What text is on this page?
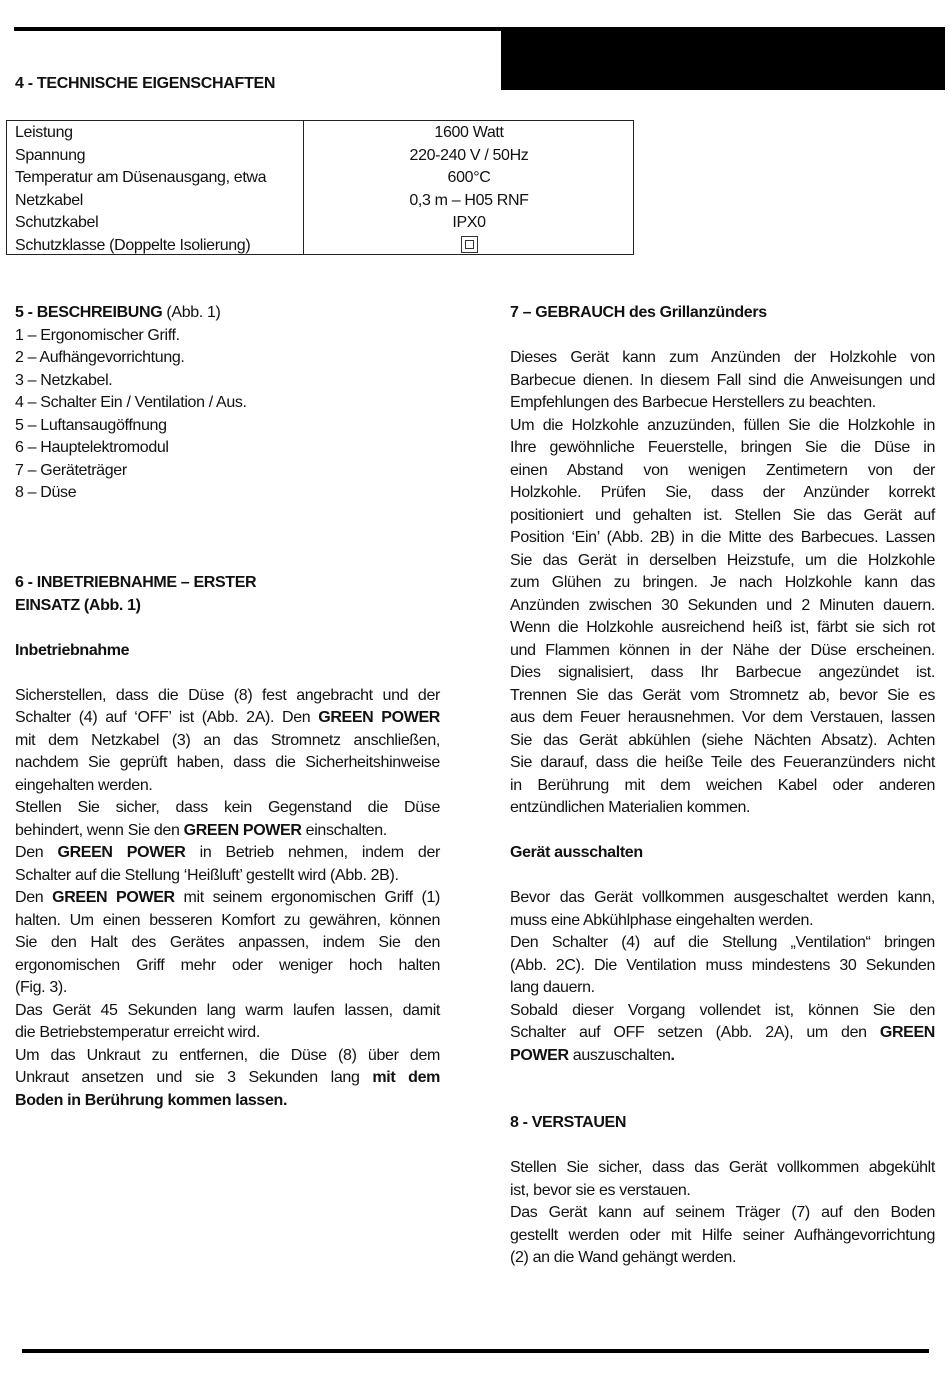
4 - TECHNISCHE EIGENSCHAFTEN
Leistung
Spannung
Temperatur am Düsenausgang, etwa
Netzkabel
Schutzkabel
Schutzklasse (Doppelte Isolierung)
1600 Watt
220-240 V / 50Hz
600°C
0,3 m – H05 RNF
IPX0
5 - BESCHREIBUNG (Abb. 1)
1 – Ergonomischer Griff.
2 – Aufhängevorrichtung.
3 – Netzkabel.
4 – Schalter Ein / Ventilation / Aus.
5 – Luftansaugöffnung
6 – Hauptelektromodul
7 – Geräteträger
8 – Düse
6 - INBETRIEBNAHME – ERSTER
EINSATZ (Abb. 1)
Inbetriebnahme
Sicherstellen, dass die Düse (8) fest angebracht und der
Schalter (4) auf ‘OFF’ ist (Abb. 2A). Den GREEN POWER
mit dem Netzkabel (3) an das Stromnetz anschließen,
nachdem Sie geprüft haben, dass die Sicherheitshinweise
eingehalten werden.
Stellen Sie sicher, dass kein Gegenstand die Düse
behindert, wenn Sie den GREEN POWER einschalten.
Den GREEN POWER in Betrieb nehmen, indem der
Schalter auf die Stellung ‘Heißluft’ gestellt wird (Abb. 2B).
Den GREEN POWER mit seinem ergonomischen Griff (1)
halten. Um einen besseren Komfort zu gewähren, können
Sie den Halt des Gerätes anpassen, indem Sie den
ergonomischen Griff mehr oder weniger hoch halten
(Fig. 3).
Das Gerät 45 Sekunden lang warm laufen lassen, damit
die Betriebstemperatur erreicht wird.
Um das Unkraut zu entfernen, die Düse (8) über dem
Unkraut ansetzen und sie 3 Sekunden lang mit dem
Boden in Berührung kommen lassen.
7 – GEBRAUCH des Grillanzünders
Dieses Gerät kann zum Anzünden der Holzkohle von
Barbecue dienen. In diesem Fall sind die Anweisungen und
Empfehlungen des Barbecue Herstellers zu beachten.
Um die Holzkohle anzuzünden, füllen Sie die Holzkohle in
Ihre gewöhnliche Feuerstelle, bringen Sie die Düse in
einen Abstand von wenigen Zentimetern von der
Holzkohle. Prüfen Sie, dass der Anzünder korrekt
positioniert und gehalten ist. Stellen Sie das Gerät auf
Position ‘Ein’ (Abb. 2B) in die Mitte des Barbecues. Lassen
Sie das Gerät in derselben Heizstufe, um die Holzkohle
zum Glühen zu bringen. Je nach Holzkohle kann das
Anzünden zwischen 30 Sekunden und 2 Minuten dauern.
Wenn die Holzkohle ausreichend heiß ist, färbt sie sich rot
und Flammen können in der Nähe der Düse erscheinen.
Dies signalisiert, dass Ihr Barbecue angezündet ist.
Trennen Sie das Gerät vom Stromnetz ab, bevor Sie es
aus dem Feuer herausnehmen. Vor dem Verstauen, lassen
Sie das Gerät abkühlen (siehe Nächten Absatz). Achten
Sie darauf, dass die heiße Teile des Feueranzünders nicht
in Berührung mit dem weichen Kabel oder anderen
entzündlichen Materialien kommen.
Gerät ausschalten
Bevor das Gerät vollkommen ausgeschaltet werden kann,
muss eine Abkühlphase eingehalten werden.
Den Schalter (4) auf die Stellung „Ventilation“ bringen
(Abb. 2C). Die Ventilation muss mindestens 30 Sekunden
lang dauern.
Sobald dieser Vorgang vollendet ist, können Sie den
Schalter auf OFF setzen (Abb. 2A), um den GREEN
POWER auszuschalten.
8 - VERSTAUEN
Stellen Sie sicher, dass das Gerät vollkommen abgekühlt
ist, bevor sie es verstauen.
Das Gerät kann auf seinem Träger (7) auf den Boden
gestellt werden oder mit Hilfe seiner Aufhängevorrichtung
(2) an die Wand gehängt werden.
